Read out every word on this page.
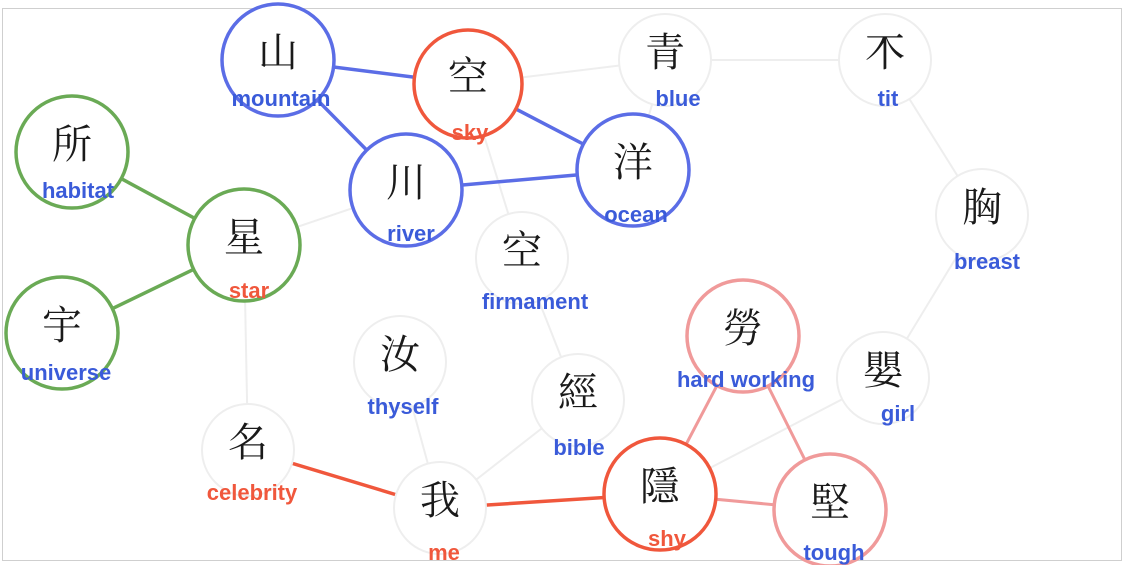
山
mountain	空
sky
青
blue
𣎴
tit
所
habitat	川
river
洋
ocean	胸
breast
星
star
空
firmament
宇
universe
勞
hard working
汝
thyself
嬰
girl
經
bible
名
celebrity	我
me
隱
shy
堅
tough
